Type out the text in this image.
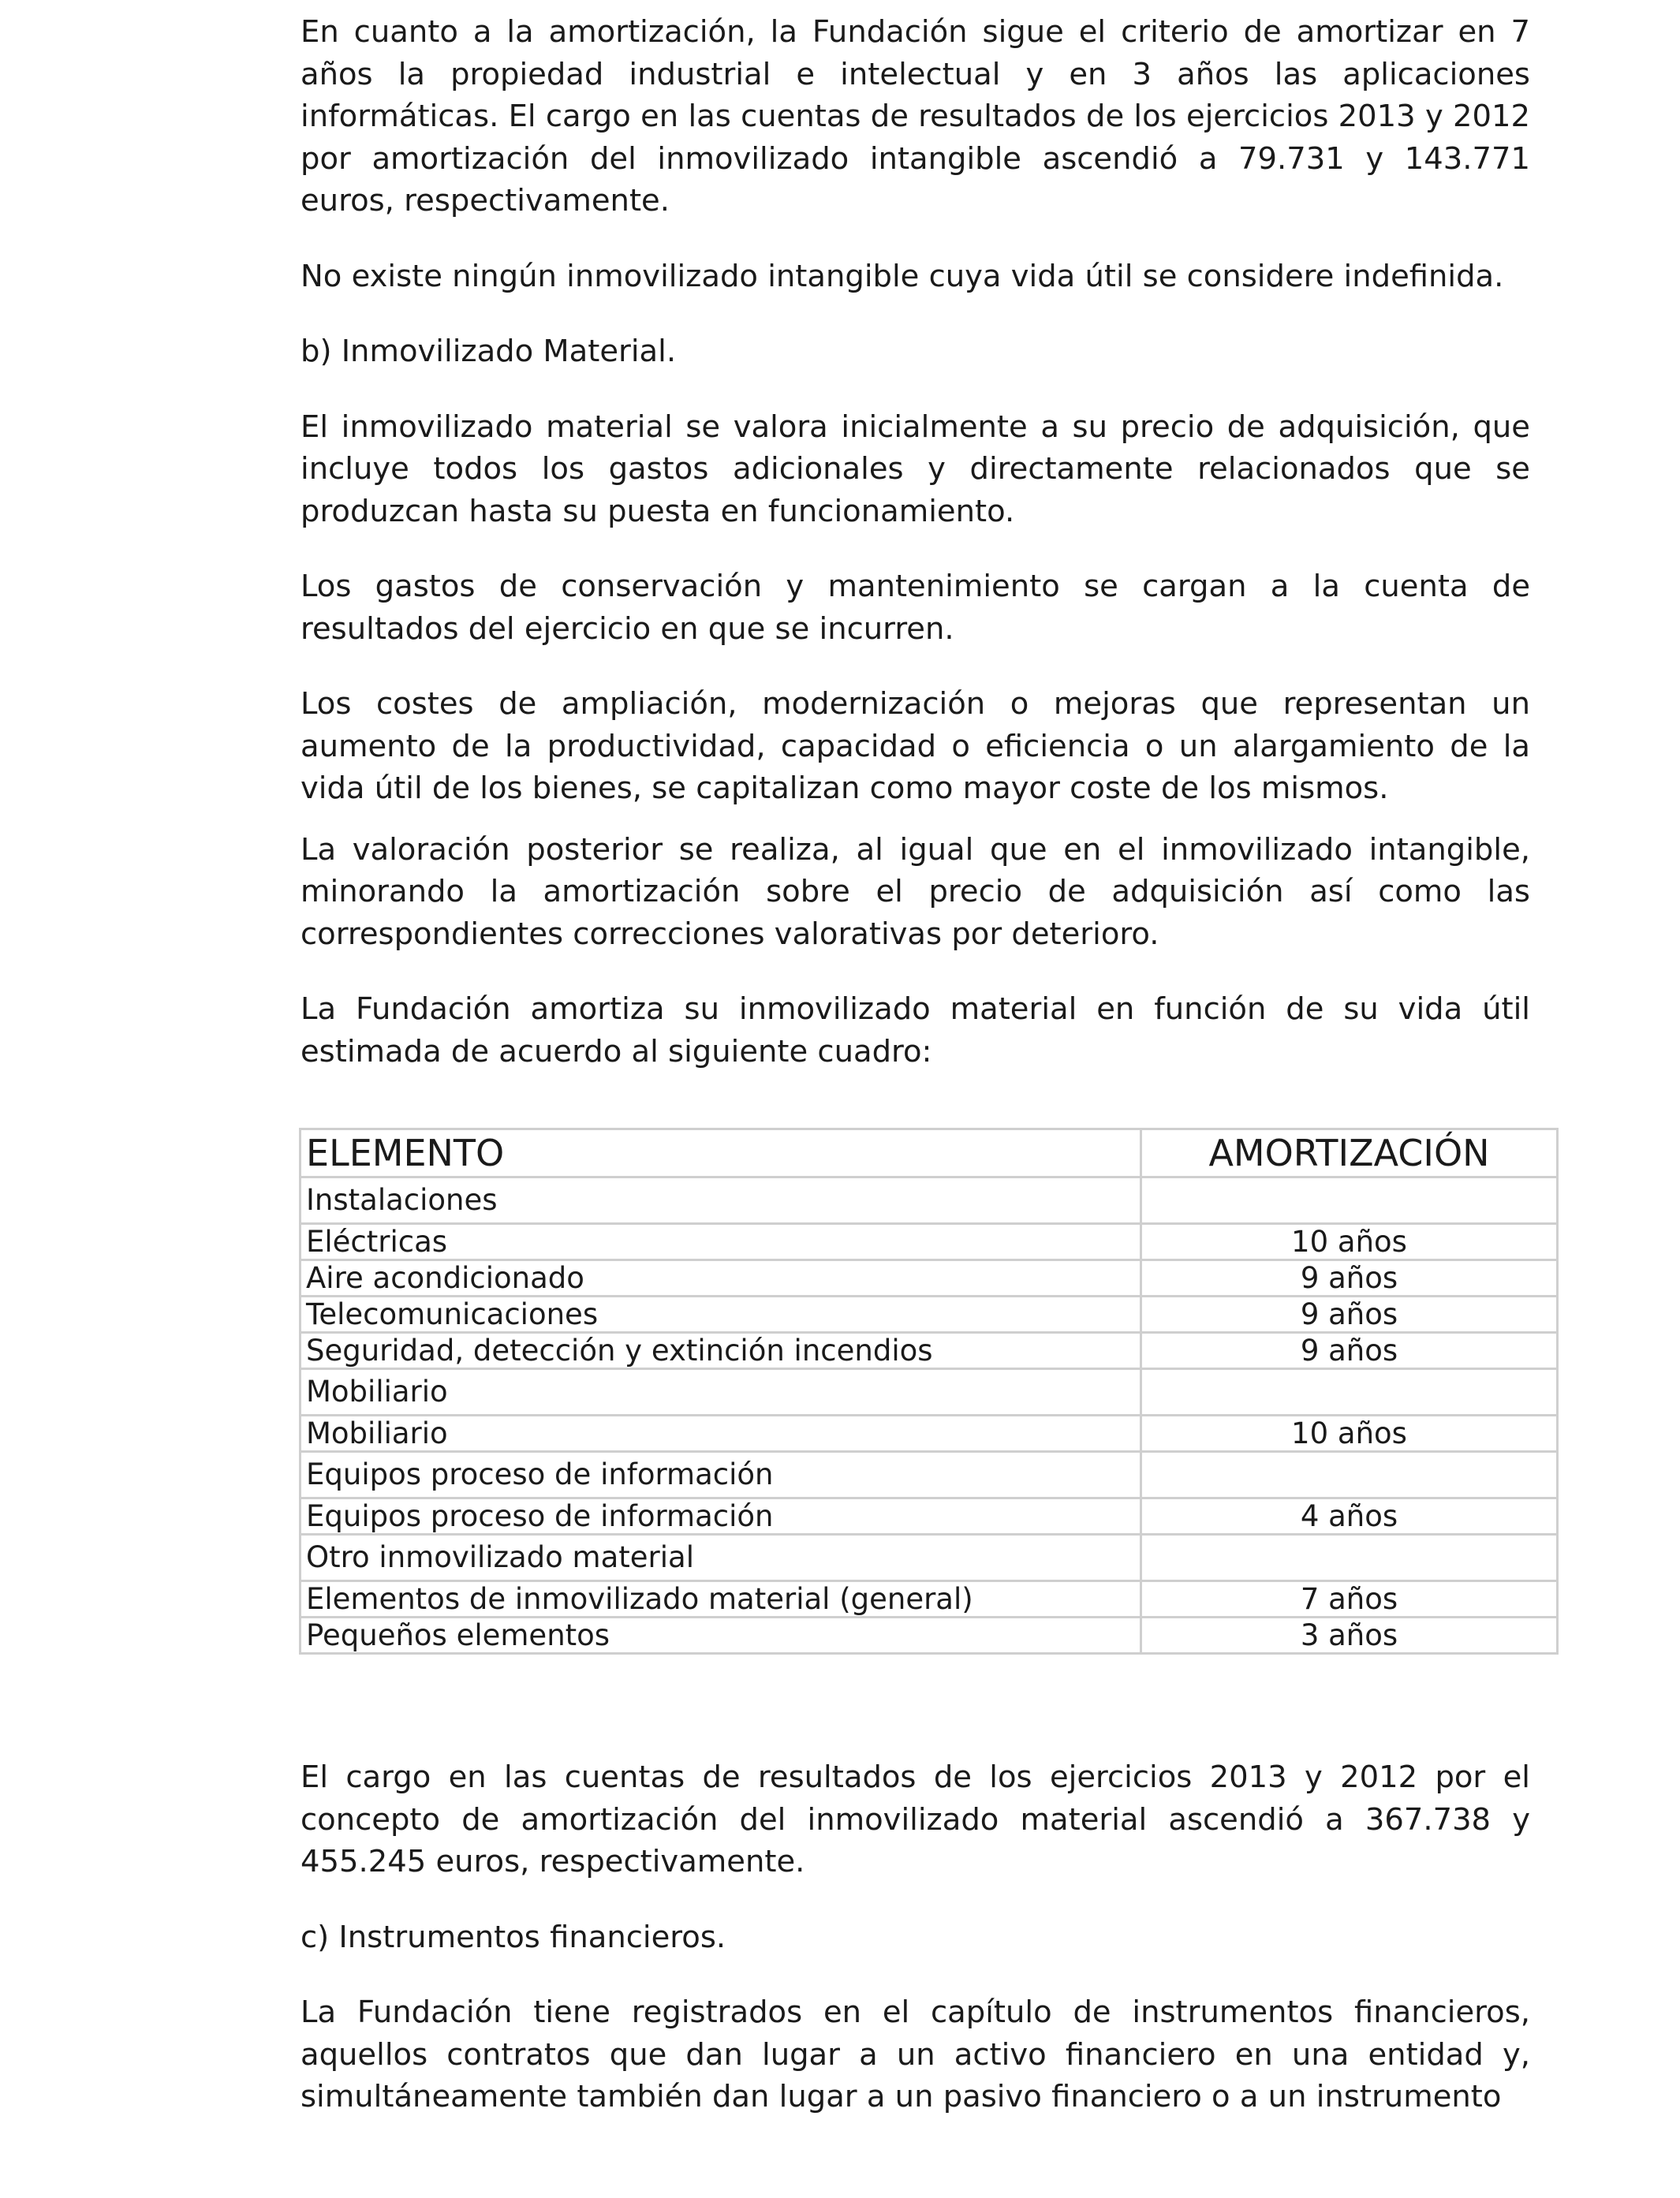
En cuanto a la amortización, la Fundación sigue el criterio de amortizar en 7 años la propiedad industrial e intelectual y en 3 años las aplicaciones informáticas. El cargo en las cuentas de resultados de los ejercicios 2013 y 2012 por amortización del inmovilizado intangible ascendió a 79.731 y 143.771 euros, respectivamente.

No existe ningún inmovilizado intangible cuya vida útil se considere indefinida.

b) Inmovilizado Material.

El inmovilizado material se valora inicialmente a su precio de adquisición, que incluye todos los gastos adicionales y directamente relacionados que se produzcan hasta su puesta en funcionamiento.

Los gastos de conservación y mantenimiento se cargan a la cuenta de resultados del ejercicio en que se incurren.

Los costes de ampliación, modernización o mejoras que representan un aumento de la productividad, capacidad o eficiencia o un alargamiento de la vida útil de los bienes, se capitalizan como mayor coste de los mismos.

La valoración posterior se realiza, al igual que en el inmovilizado intangible, minorando la amortización sobre el precio de adquisición así como las correspondientes correcciones valorativas por deterioro.

La Fundación amortiza su inmovilizado material en función de su vida útil estimada de acuerdo al siguiente cuadro:

ELEMENTO	AMORTIZACIÓN
Instalaciones	
Eléctricas	10 años
Aire acondicionado	9 años
Telecomunicaciones	9 años
Seguridad, detección y extinción incendios	9 años
Mobiliario	
Mobiliario	10 años
Equipos proceso de información	
Equipos proceso de información	4 años
Otro inmovilizado material	
Elementos de inmovilizado material (general)	7 años
Pequeños elementos	3 años

El cargo en las cuentas de resultados de los ejercicios 2013 y 2012 por el concepto de amortización del inmovilizado material ascendió a 367.738 y 455.245 euros, respectivamente.

c) Instrumentos financieros.

La Fundación tiene registrados en el capítulo de instrumentos financieros, aquellos contratos que dan lugar a un activo financiero en una entidad y, simultáneamente también dan lugar a un pasivo financiero o a un instrumento
